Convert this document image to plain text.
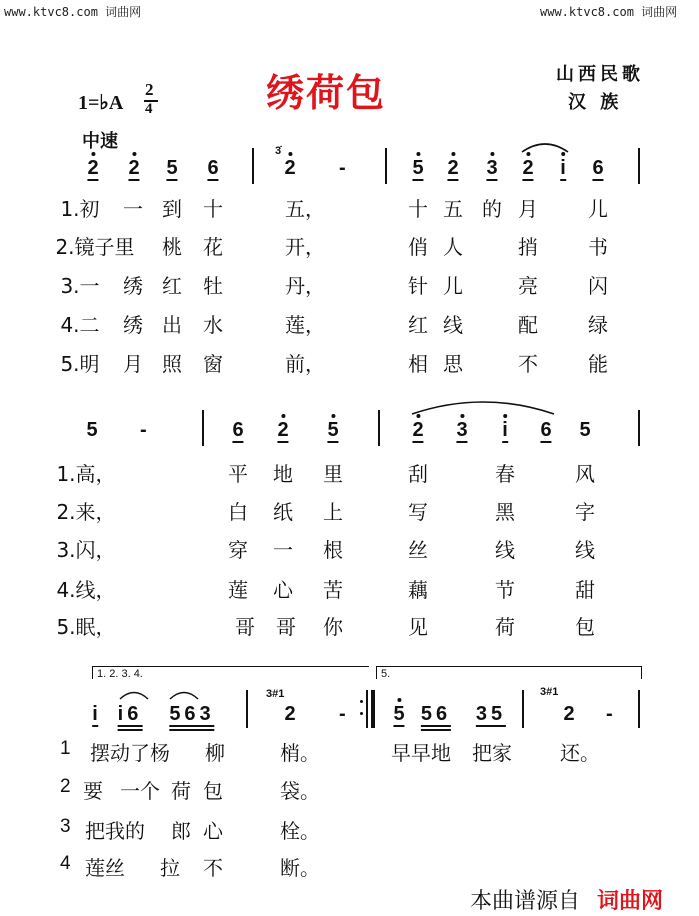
www.ktvc8.com 词曲网	www.ktvc8.com 词曲网
绣荷包	山西民歌
汉 族
1=♭A
2
4
中速
2 2 5 6
3̇
2 -	5 2 3 2 i 6
1.初 一 到 十	五，	十 五 的 月	儿
2.镜子里 桃 花	开，	俏 人	捎	书
3.一 绣 红 牡	丹，	针 儿	亮	闪
4.二 绣 出 水	莲，	红 线	配	绿
5.明 月 照 窗	前，	相 思	不	能
5 -	6 2 5	2 3 i 6 5
1.高，	平 地 里	刮	春	风
2.来，	白 纸 上	写	黑	字
3.闪，	穿 一 根	丝	线	线
4.线，	莲 心 苦	藕	节	甜
5.眠，	哥 哥 你	见	荷	包
1. 2. 3. 4.	5.
i i6 563
3#1
2 - 5 56 35
3#1
2 -
1 摆动了杨 柳	梢。	早早地 把家 还。
2 要 一个 荷 包	袋。
3 把我的 郎 心	栓。
4 莲丝 拉 不	断。
本曲谱源自 词曲网
